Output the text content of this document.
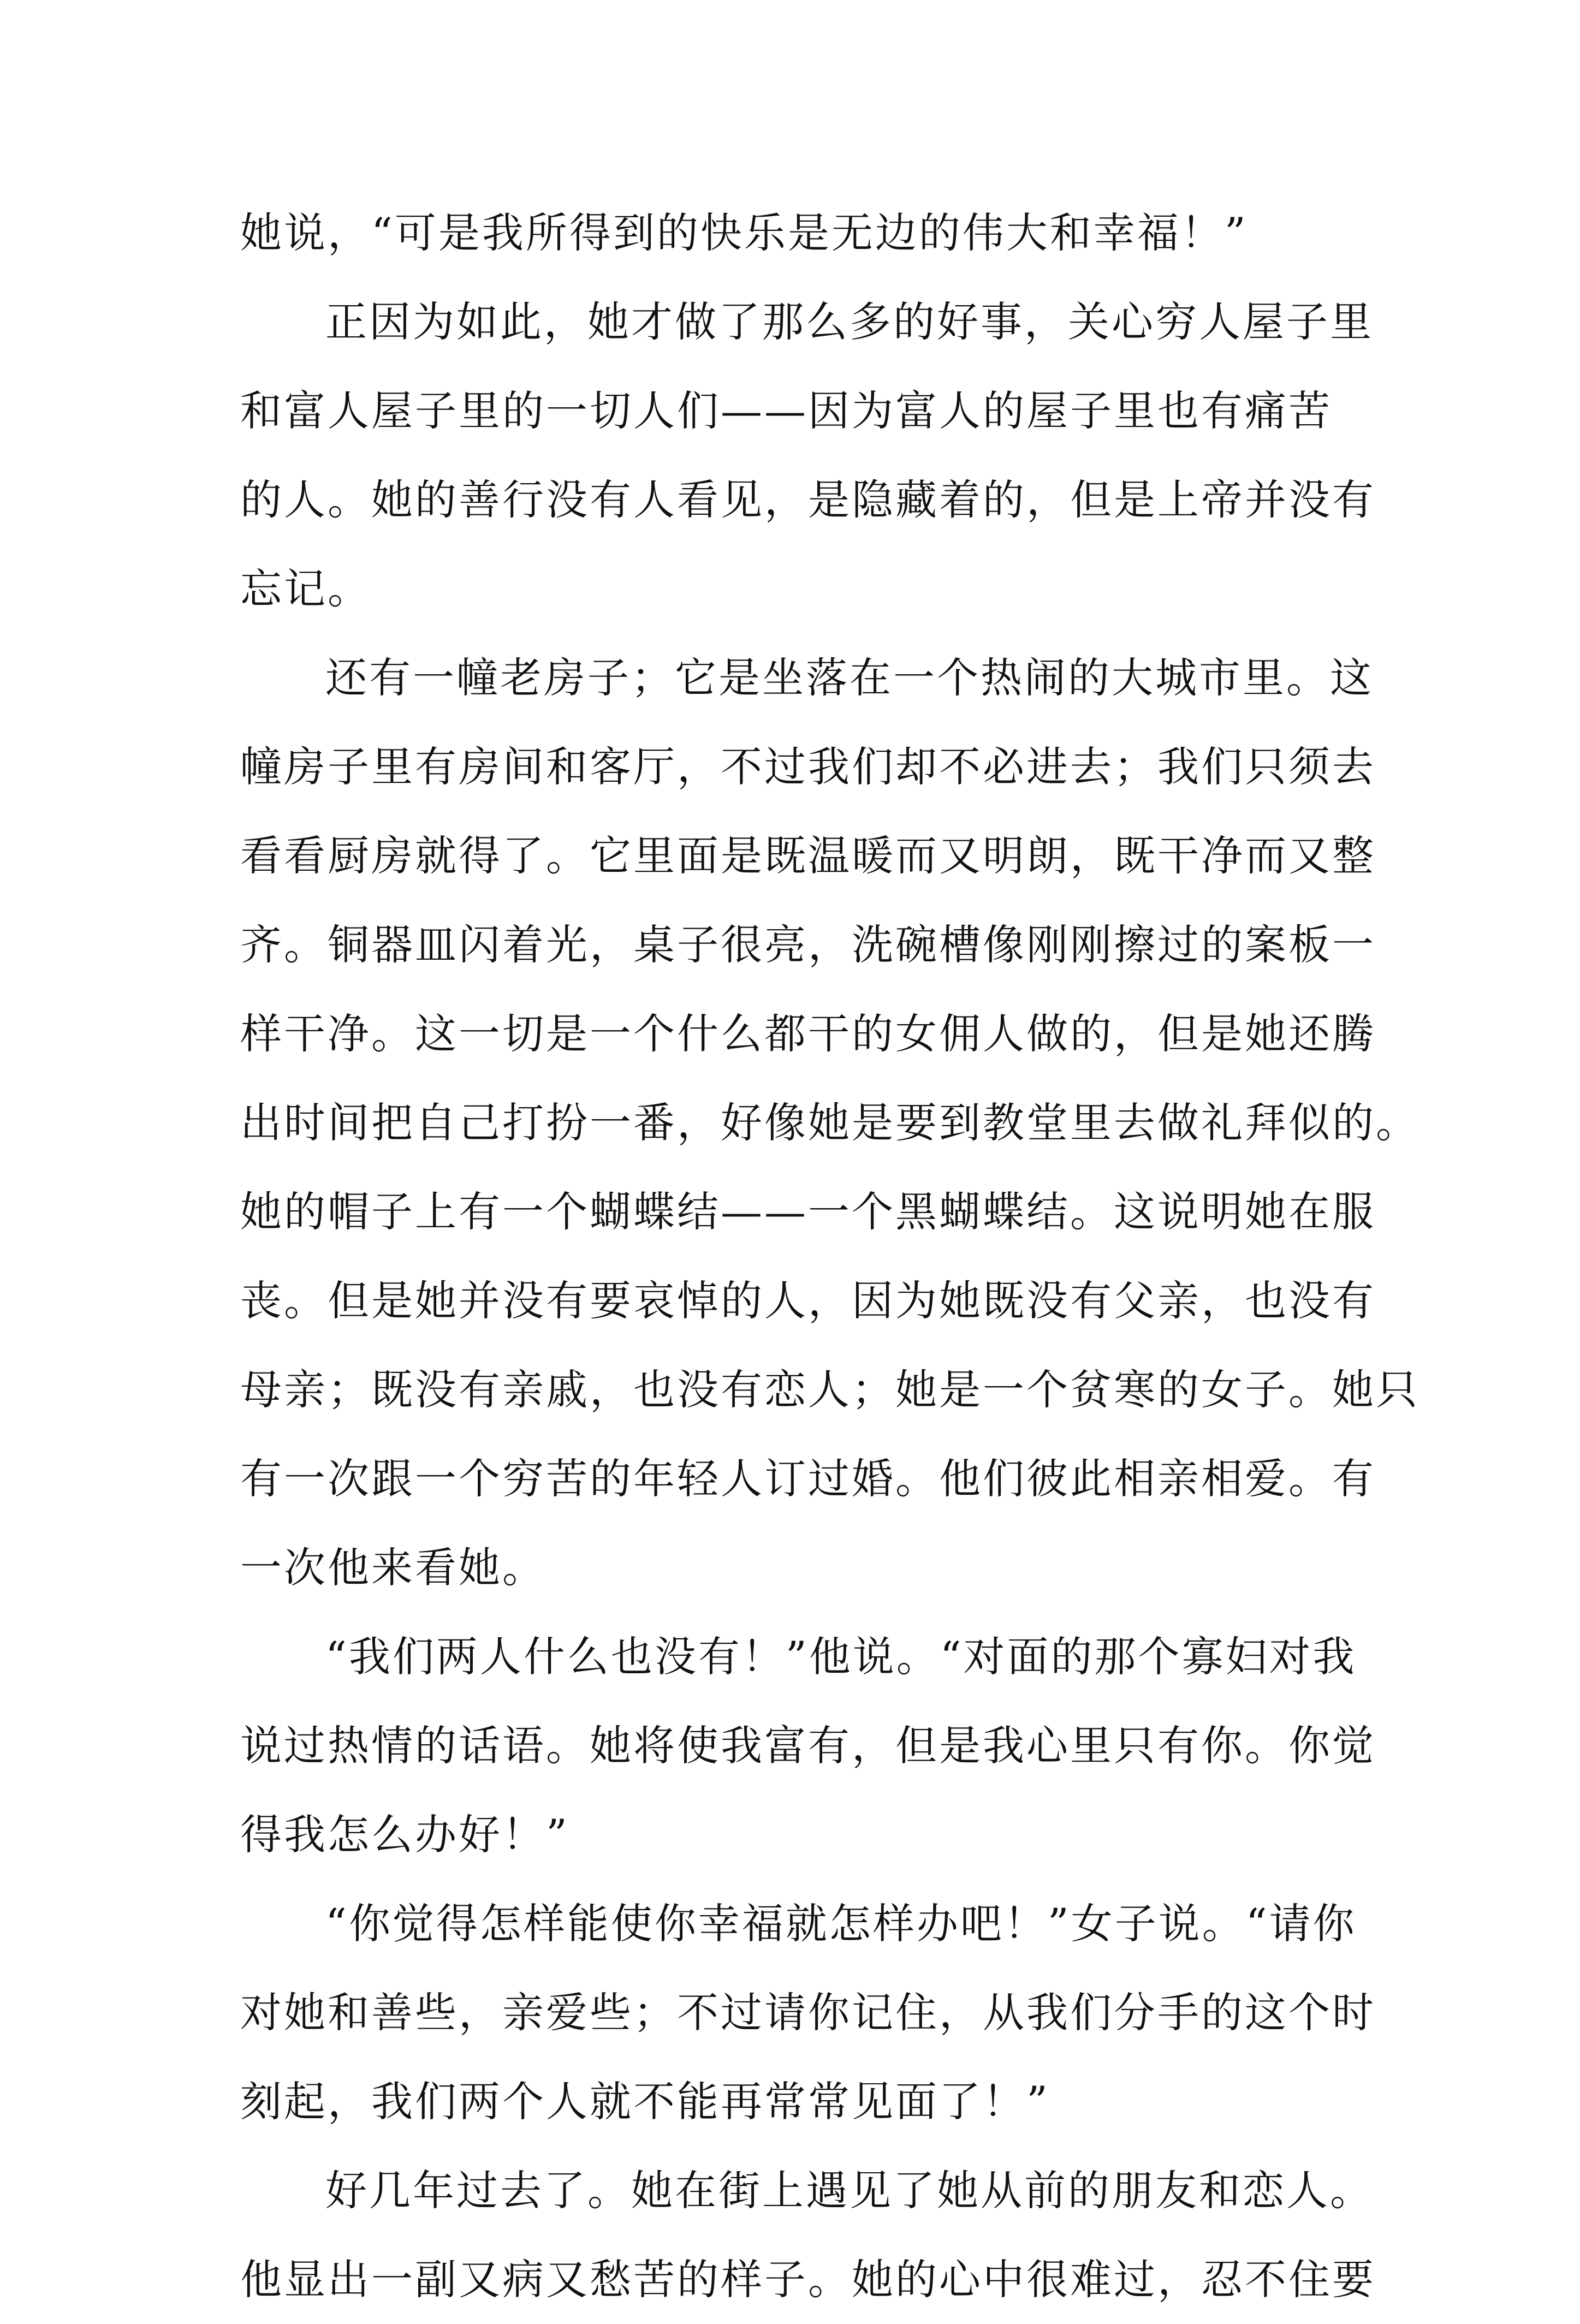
她说，“可是我所得到的快乐是无边的伟大和幸福！”
正因为如此，她才做了那么多的好事，关心穷人屋子里
和富人屋子里的一切人们——因为富人的屋子里也有痛苦
的人。她的善行没有人看见，是隐藏着的，但是上帝并没有
忘记。
还有一幢老房子；它是坐落在一个热闹的大城市里。这
幢房子里有房间和客厅，不过我们却不必进去；我们只须去
看看厨房就得了。它里面是既温暖而又明朗，既干净而又整
齐。铜器皿闪着光，桌子很亮，洗碗槽像刚刚擦过的案板一
样干净。这一切是一个什么都干的女佣人做的，但是她还腾
出时间把自己打扮一番，好像她是要到教堂里去做礼拜似的。
她的帽子上有一个蝴蝶结——一个黑蝴蝶结。这说明她在服
丧。但是她并没有要哀悼的人，因为她既没有父亲，也没有
母亲；既没有亲戚，也没有恋人；她是一个贫寒的女子。她只
有一次跟一个穷苦的年轻人订过婚。他们彼此相亲相爱。有
一次他来看她。
“我们两人什么也没有！”他说。“对面的那个寡妇对我
说过热情的话语。她将使我富有，但是我心里只有你。你觉
得我怎么办好！”
“你觉得怎样能使你幸福就怎样办吧！”女子说。“请你
对她和善些，亲爱些；不过请你记住，从我们分手的这个时
刻起，我们两个人就不能再常常见面了！”
好几年过去了。她在街上遇见了她从前的朋友和恋人。
他显出一副又病又愁苦的样子。她的心中很难过，忍不住要
